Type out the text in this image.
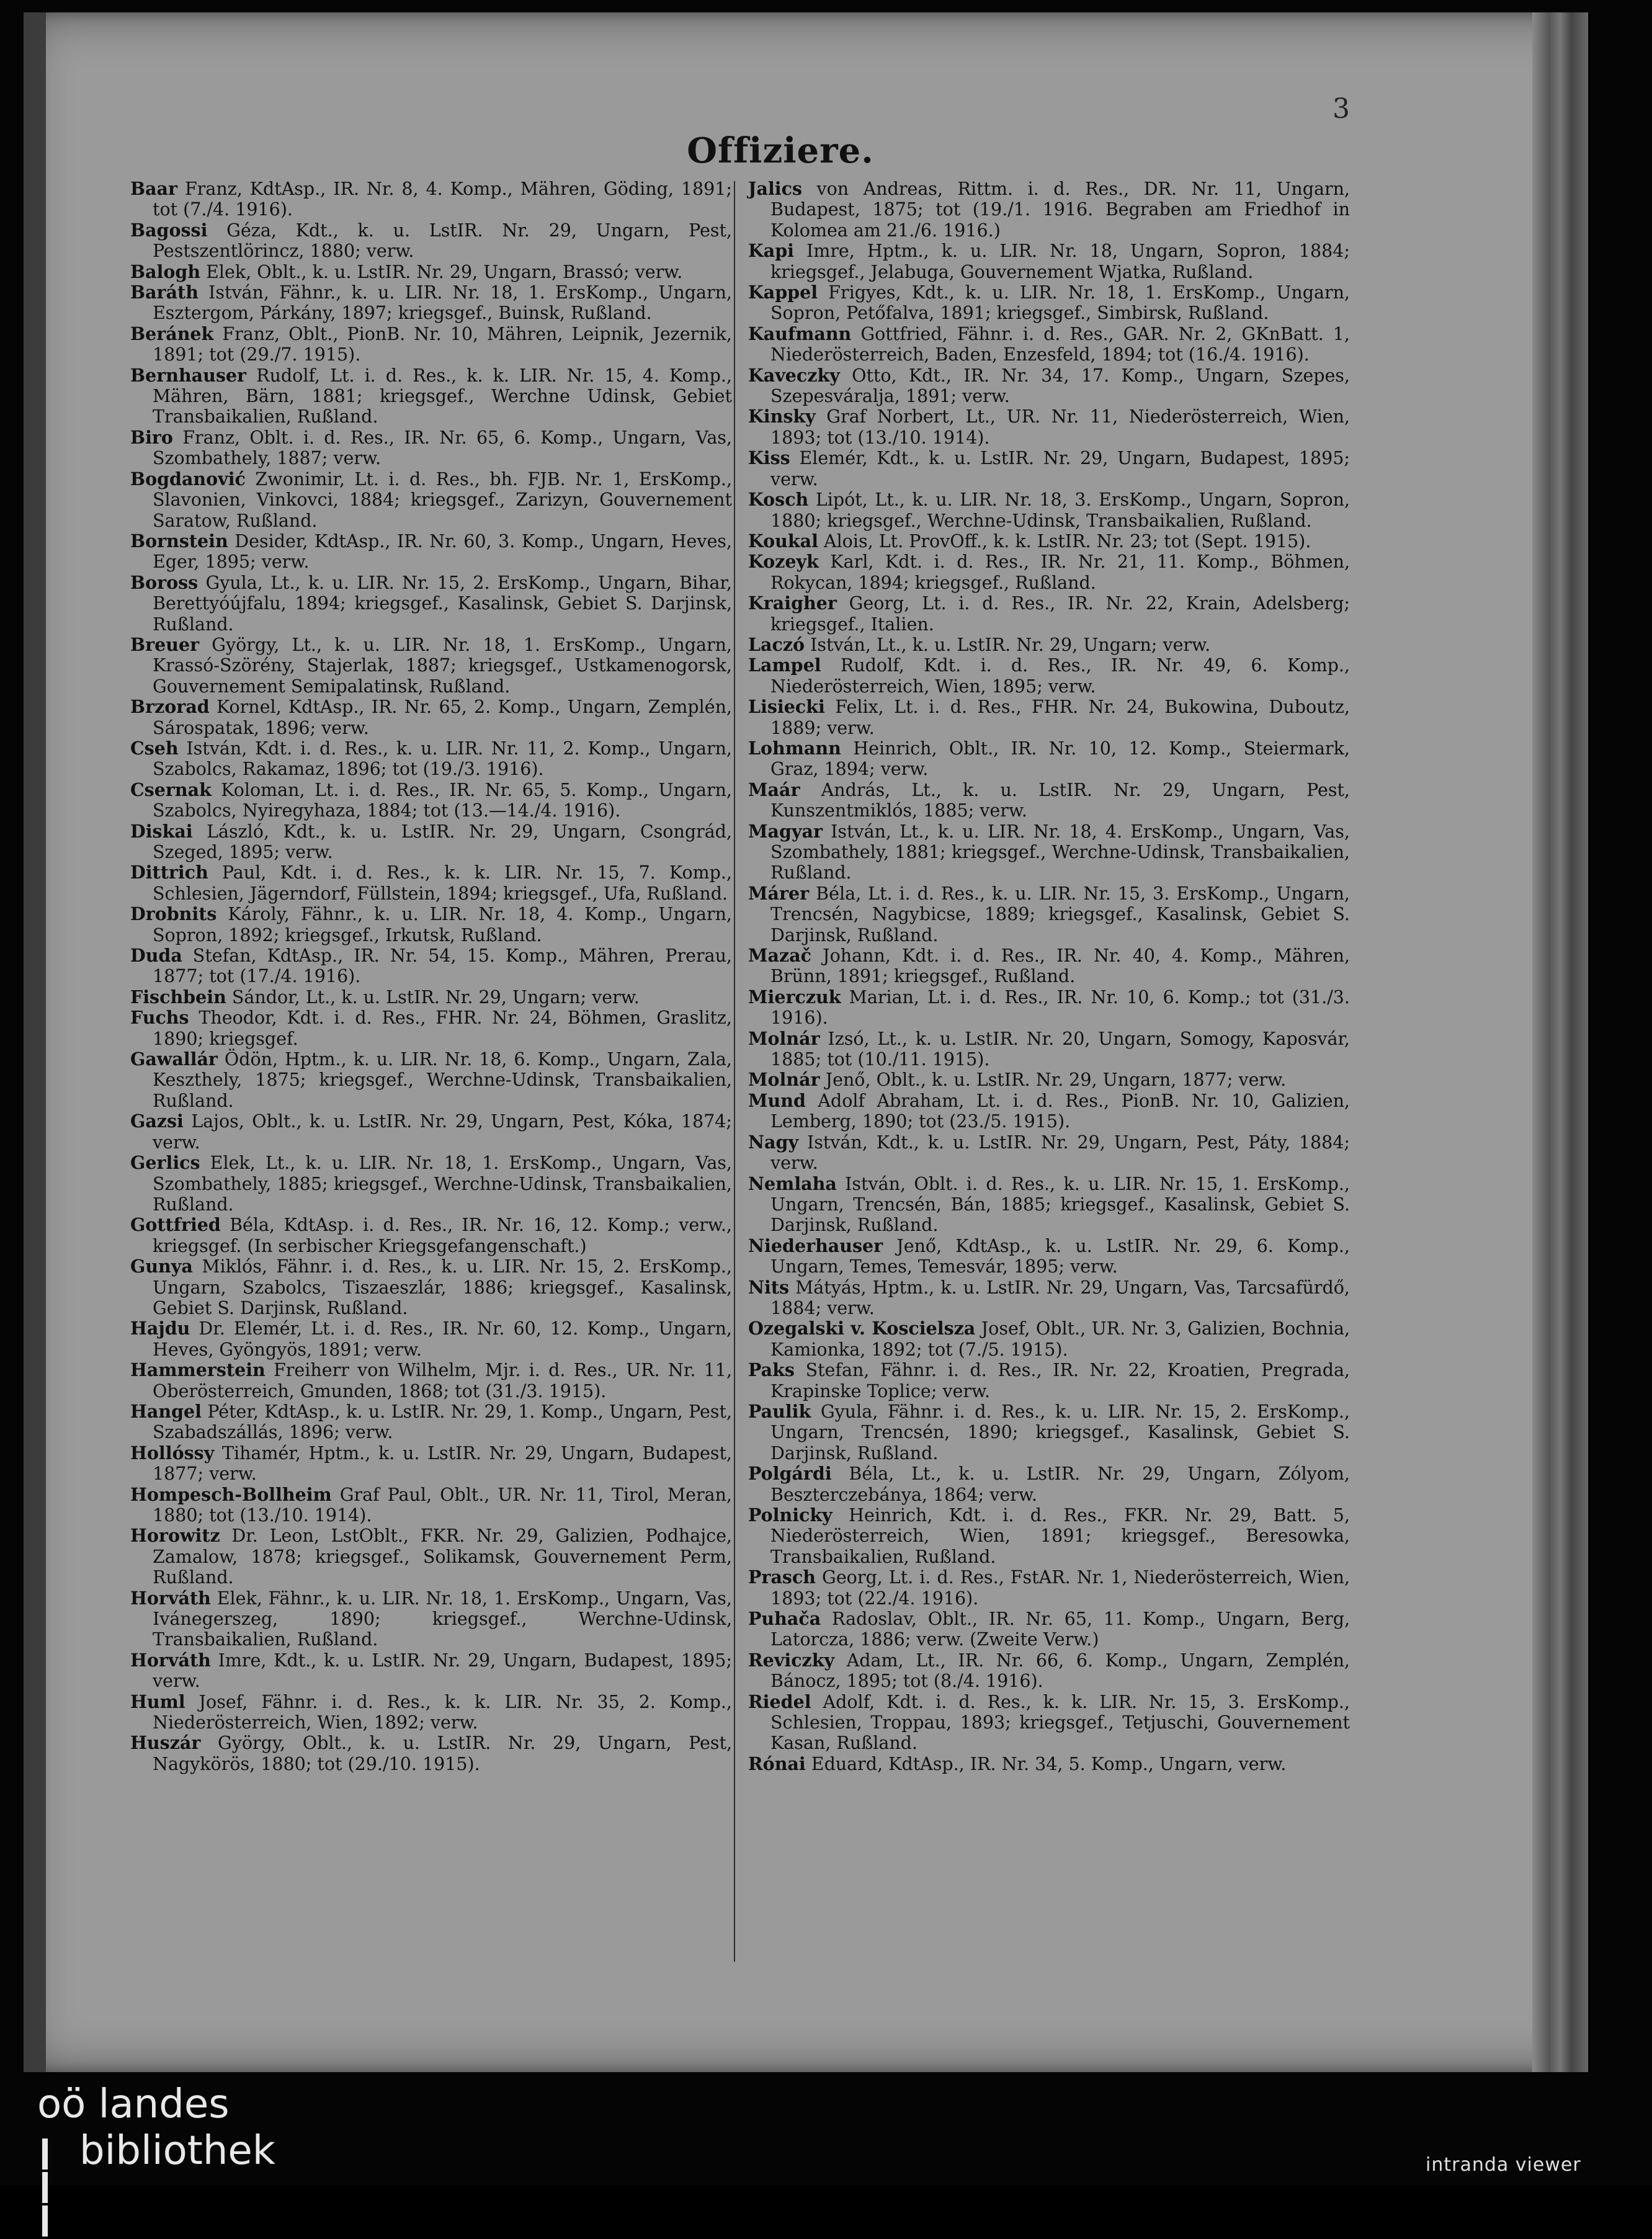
3
Offiziere.

Baar Franz, KdtAsp., IR. Nr. 8, 4. Komp., Mähren, Göding, 1891; tot (7./4. 1916).

Bagossi Géza, Kdt., k. u. LstIR. Nr. 29, Ungarn, Pest, Pestszentlörincz, 1880; verw.

Balogh Elek, Oblt., k. u. LstIR. Nr. 29, Ungarn, Brassó; verw.

Baráth István, Fähnr., k. u. LIR. Nr. 18, 1. ErsKomp., Ungarn, Esztergom, Párkány, 1897; kriegsgef., Buinsk, Rußland.

Beránek Franz, Oblt., PionB. Nr. 10, Mähren, Leipnik, Jezernik, 1891; tot (29./7. 1915).

Bernhauser Rudolf, Lt. i. d. Res., k. k. LIR. Nr. 15, 4. Komp., Mähren, Bärn, 1881; kriegsgef., Werchne Udinsk, Gebiet Transbaikalien, Rußland.

Biro Franz, Oblt. i. d. Res., IR. Nr. 65, 6. Komp., Ungarn, Vas, Szombathely, 1887; verw.

Bogdanović Zwonimir, Lt. i. d. Res., bh. FJB. Nr. 1, ErsKomp., Slavonien, Vinkovci, 1884; kriegsgef., Zarizyn, Gouvernement Saratow, Rußland.

Bornstein Desider, KdtAsp., IR. Nr. 60, 3. Komp., Ungarn, Heves, Eger, 1895; verw.

Boross Gyula, Lt., k. u. LIR. Nr. 15, 2. ErsKomp., Ungarn, Bihar, Berettyóújfalu, 1894; kriegsgef., Kasalinsk, Gebiet S. Darjinsk, Rußland.

Breuer György, Lt., k. u. LIR. Nr. 18, 1. ErsKomp., Ungarn, Krassó-Szörény, Stajerlak, 1887; kriegsgef., Ustkamenogorsk, Gouvernement Semipalatinsk, Rußland.

Brzorad Kornel, KdtAsp., IR. Nr. 65, 2. Komp., Ungarn, Zemplén, Sárospatak, 1896; verw.

Cseh István, Kdt. i. d. Res., k. u. LIR. Nr. 11, 2. Komp., Ungarn, Szabolcs, Rakamaz, 1896; tot (19./3. 1916).

Csernak Koloman, Lt. i. d. Res., IR. Nr. 65, 5. Komp., Ungarn, Szabolcs, Nyiregyhaza, 1884; tot (13.—14./4. 1916).

Diskai László, Kdt., k. u. LstIR. Nr. 29, Ungarn, Csongrád, Szeged, 1895; verw.

Dittrich Paul, Kdt. i. d. Res., k. k. LIR. Nr. 15, 7. Komp., Schlesien, Jägerndorf, Füllstein, 1894; kriegsgef., Ufa, Rußland.

Drobnits Károly, Fähnr., k. u. LIR. Nr. 18, 4. Komp., Ungarn, Sopron, 1892; kriegsgef., Irkutsk, Rußland.

Duda Stefan, KdtAsp., IR. Nr. 54, 15. Komp., Mähren, Prerau, 1877; tot (17./4. 1916).

Fischbein Sándor, Lt., k. u. LstIR. Nr. 29, Ungarn; verw.

Fuchs Theodor, Kdt. i. d. Res., FHR. Nr. 24, Böhmen, Graslitz, 1890; kriegsgef.

Gawallár Ödön, Hptm., k. u. LIR. Nr. 18, 6. Komp., Ungarn, Zala, Keszthely, 1875; kriegsgef., Werchne-Udinsk, Transbaikalien, Rußland.

Gazsi Lajos, Oblt., k. u. LstIR. Nr. 29, Ungarn, Pest, Kóka, 1874; verw.

Gerlics Elek, Lt., k. u. LIR. Nr. 18, 1. ErsKomp., Ungarn, Vas, Szombathely, 1885; kriegsgef., Werchne-Udinsk, Transbaikalien, Rußland.

Gottfried Béla, KdtAsp. i. d. Res., IR. Nr. 16, 12. Komp.; verw., kriegsgef. (In serbischer Kriegsgefangenschaft.)

Gunya Miklós, Fähnr. i. d. Res., k. u. LIR. Nr. 15, 2. ErsKomp., Ungarn, Szabolcs, Tiszaeszlár, 1886; kriegsgef., Kasalinsk, Gebiet S. Darjinsk, Rußland.

Hajdu Dr. Elemér, Lt. i. d. Res., IR. Nr. 60, 12. Komp., Ungarn, Heves, Gyöngyös, 1891; verw.

Hammerstein Freiherr von Wilhelm, Mjr. i. d. Res., UR. Nr. 11, Oberösterreich, Gmunden, 1868; tot (31./3. 1915).

Hangel Péter, KdtAsp., k. u. LstIR. Nr. 29, 1. Komp., Ungarn, Pest, Szabadszállás, 1896; verw.

Hollóssy Tihamér, Hptm., k. u. LstIR. Nr. 29, Ungarn, Budapest, 1877; verw.

Hompesch-Bollheim Graf Paul, Oblt., UR. Nr. 11, Tirol, Meran, 1880; tot (13./10. 1914).

Horowitz Dr. Leon, LstOblt., FKR. Nr. 29, Galizien, Podhajce, Zamalow, 1878; kriegsgef., Solikamsk, Gouvernement Perm, Rußland.

Horváth Elek, Fähnr., k. u. LIR. Nr. 18, 1. ErsKomp., Ungarn, Vas, Ivánegerszeg, 1890; kriegsgef., Werchne-Udinsk, Transbaikalien, Rußland.

Horváth Imre, Kdt., k. u. LstIR. Nr. 29, Ungarn, Budapest, 1895; verw.

Huml Josef, Fähnr. i. d. Res., k. k. LIR. Nr. 35, 2. Komp., Niederösterreich, Wien, 1892; verw.

Huszár György, Oblt., k. u. LstIR. Nr. 29, Ungarn, Pest, Nagykörös, 1880; tot (29./10. 1915).

Jalics von Andreas, Rittm. i. d. Res., DR. Nr. 11, Ungarn, Budapest, 1875; tot (19./1. 1916. Begraben am Friedhof in Kolomea am 21./6. 1916.)

Kapi Imre, Hptm., k. u. LIR. Nr. 18, Ungarn, Sopron, 1884; kriegsgef., Jelabuga, Gouvernement Wjatka, Rußland.

Kappel Frigyes, Kdt., k. u. LIR. Nr. 18, 1. ErsKomp., Ungarn, Sopron, Petőfalva, 1891; kriegsgef., Simbirsk, Rußland.

Kaufmann Gottfried, Fähnr. i. d. Res., GAR. Nr. 2, GKnBatt. 1, Niederösterreich, Baden, Enzesfeld, 1894; tot (16./4. 1916).

Kaveczky Otto, Kdt., IR. Nr. 34, 17. Komp., Ungarn, Szepes, Szepesváralja, 1891; verw.

Kinsky Graf Norbert, Lt., UR. Nr. 11, Niederösterreich, Wien, 1893; tot (13./10. 1914).

Kiss Elemér, Kdt., k. u. LstIR. Nr. 29, Ungarn, Budapest, 1895; verw.

Kosch Lipót, Lt., k. u. LIR. Nr. 18, 3. ErsKomp., Ungarn, Sopron, 1880; kriegsgef., Werchne-Udinsk, Transbaikalien, Rußland.

Koukal Alois, Lt. ProvOff., k. k. LstIR. Nr. 23; tot (Sept. 1915).

Kozeyk Karl, Kdt. i. d. Res., IR. Nr. 21, 11. Komp., Böhmen, Rokycan, 1894; kriegsgef., Rußland.

Kraigher Georg, Lt. i. d. Res., IR. Nr. 22, Krain, Adelsberg; kriegsgef., Italien.

Laczó István, Lt., k. u. LstIR. Nr. 29, Ungarn; verw.

Lampel Rudolf, Kdt. i. d. Res., IR. Nr. 49, 6. Komp., Niederösterreich, Wien, 1895; verw.

Lisiecki Felix, Lt. i. d. Res., FHR. Nr. 24, Bukowina, Duboutz, 1889; verw.

Lohmann Heinrich, Oblt., IR. Nr. 10, 12. Komp., Steiermark, Graz, 1894; verw.

Maár András, Lt., k. u. LstIR. Nr. 29, Ungarn, Pest, Kunszentmiklós, 1885; verw.

Magyar István, Lt., k. u. LIR. Nr. 18, 4. ErsKomp., Ungarn, Vas, Szombathely, 1881; kriegsgef., Werchne-Udinsk, Transbaikalien, Rußland.

Márer Béla, Lt. i. d. Res., k. u. LIR. Nr. 15, 3. ErsKomp., Ungarn, Trencsén, Nagybicse, 1889; kriegsgef., Kasalinsk, Gebiet S. Darjinsk, Rußland.

Mazač Johann, Kdt. i. d. Res., IR. Nr. 40, 4. Komp., Mähren, Brünn, 1891; kriegsgef., Rußland.

Mierczuk Marian, Lt. i. d. Res., IR. Nr. 10, 6. Komp.; tot (31./3. 1916).

Molnár Izsó, Lt., k. u. LstIR. Nr. 20, Ungarn, Somogy, Kaposvár, 1885; tot (10./11. 1915).

Molnár Jenő, Oblt., k. u. LstIR. Nr. 29, Ungarn, 1877; verw.

Mund Adolf Abraham, Lt. i. d. Res., PionB. Nr. 10, Galizien, Lemberg, 1890; tot (23./5. 1915).

Nagy István, Kdt., k. u. LstIR. Nr. 29, Ungarn, Pest, Páty, 1884; verw.

Nemlaha István, Oblt. i. d. Res., k. u. LIR. Nr. 15, 1. ErsKomp., Ungarn, Trencsén, Bán, 1885; kriegsgef., Kasalinsk, Gebiet S. Darjinsk, Rußland.

Niederhauser Jenő, KdtAsp., k. u. LstIR. Nr. 29, 6. Komp., Ungarn, Temes, Temesvár, 1895; verw.

Nits Mátyás, Hptm., k. u. LstIR. Nr. 29, Ungarn, Vas, Tarcsafürdő, 1884; verw.

Ozegalski v. Koscielsza Josef, Oblt., UR. Nr. 3, Galizien, Bochnia, Kamionka, 1892; tot (7./5. 1915).

Paks Stefan, Fähnr. i. d. Res., IR. Nr. 22, Kroatien, Pregrada, Krapinske Toplice; verw.

Paulik Gyula, Fähnr. i. d. Res., k. u. LIR. Nr. 15, 2. ErsKomp., Ungarn, Trencsén, 1890; kriegsgef., Kasalinsk, Gebiet S. Darjinsk, Rußland.

Polgárdi Béla, Lt., k. u. LstIR. Nr. 29, Ungarn, Zólyom, Beszterczebánya, 1864; verw.

Polnicky Heinrich, Kdt. i. d. Res., FKR. Nr. 29, Batt. 5, Niederösterreich, Wien, 1891; kriegsgef., Beresowka, Transbaikalien, Rußland.

Prasch Georg, Lt. i. d. Res., FstAR. Nr. 1, Niederösterreich, Wien, 1893; tot (22./4. 1916).

Puhača Radoslav, Oblt., IR. Nr. 65, 11. Komp., Ungarn, Berg, Latorcza, 1886; verw. (Zweite Verw.)

Reviczky Adam, Lt., IR. Nr. 66, 6. Komp., Ungarn, Zemplén, Bánocz, 1895; tot (8./4. 1916).

Riedel Adolf, Kdt. i. d. Res., k. k. LIR. Nr. 15, 3. ErsKomp., Schlesien, Troppau, 1893; kriegsgef., Tetjuschi, Gouvernement Kasan, Rußland.

Rónai Eduard, KdtAsp., IR. Nr. 34, 5. Komp., Ungarn, verw.

oö landes
bibliothek	intranda viewer
